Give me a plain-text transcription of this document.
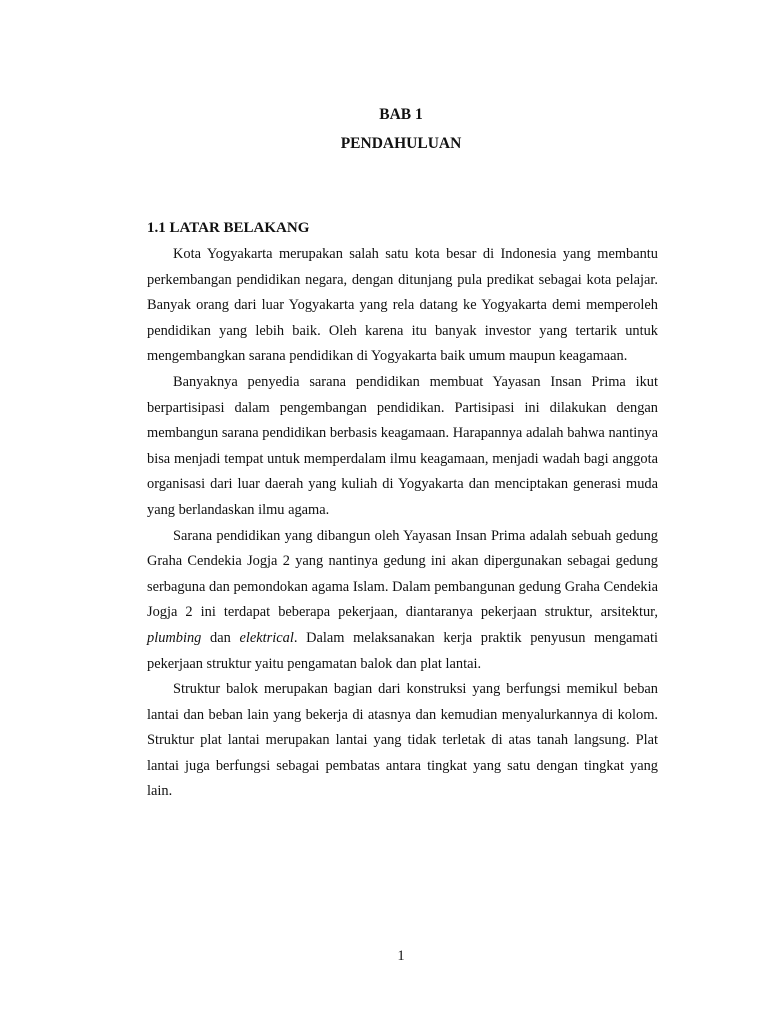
BAB 1

PENDAHULUAN

1.1 LATAR BELAKANG

Kota Yogyakarta merupakan salah satu kota besar di Indonesia yang membantu perkembangan pendidikan negara, dengan ditunjang pula predikat sebagai kota pelajar. Banyak orang dari luar Yogyakarta yang rela datang ke Yogyakarta demi memperoleh pendidikan yang lebih baik. Oleh karena itu banyak investor yang tertarik untuk mengembangkan sarana pendidikan di Yogyakarta baik umum maupun keagamaan.

Banyaknya penyedia sarana pendidikan membuat Yayasan Insan Prima ikut berpartisipasi dalam pengembangan pendidikan. Partisipasi ini dilakukan dengan membangun sarana pendidikan berbasis keagamaan. Harapannya adalah bahwa nantinya bisa menjadi tempat untuk memperdalam ilmu keagamaan, menjadi wadah bagi anggota organisasi dari luar daerah yang kuliah di Yogyakarta dan menciptakan generasi muda yang berlandaskan ilmu agama.

Sarana pendidikan yang dibangun oleh Yayasan Insan Prima adalah sebuah gedung Graha Cendekia Jogja 2 yang nantinya gedung ini akan dipergunakan sebagai gedung serbaguna dan pemondokan agama Islam. Dalam pembangunan gedung Graha Cendekia Jogja 2 ini terdapat beberapa pekerjaan, diantaranya pekerjaan struktur, arsitektur, plumbing dan elektrical. Dalam melaksanakan kerja praktik penyusun mengamati pekerjaan struktur yaitu pengamatan balok dan plat lantai.

Struktur balok merupakan bagian dari konstruksi yang berfungsi memikul beban lantai dan beban lain yang bekerja di atasnya dan kemudian menyalurkannya di kolom. Struktur plat lantai merupakan lantai yang tidak terletak di atas tanah langsung. Plat lantai juga berfungsi sebagai pembatas antara tingkat yang satu dengan tingkat yang lain.

1
